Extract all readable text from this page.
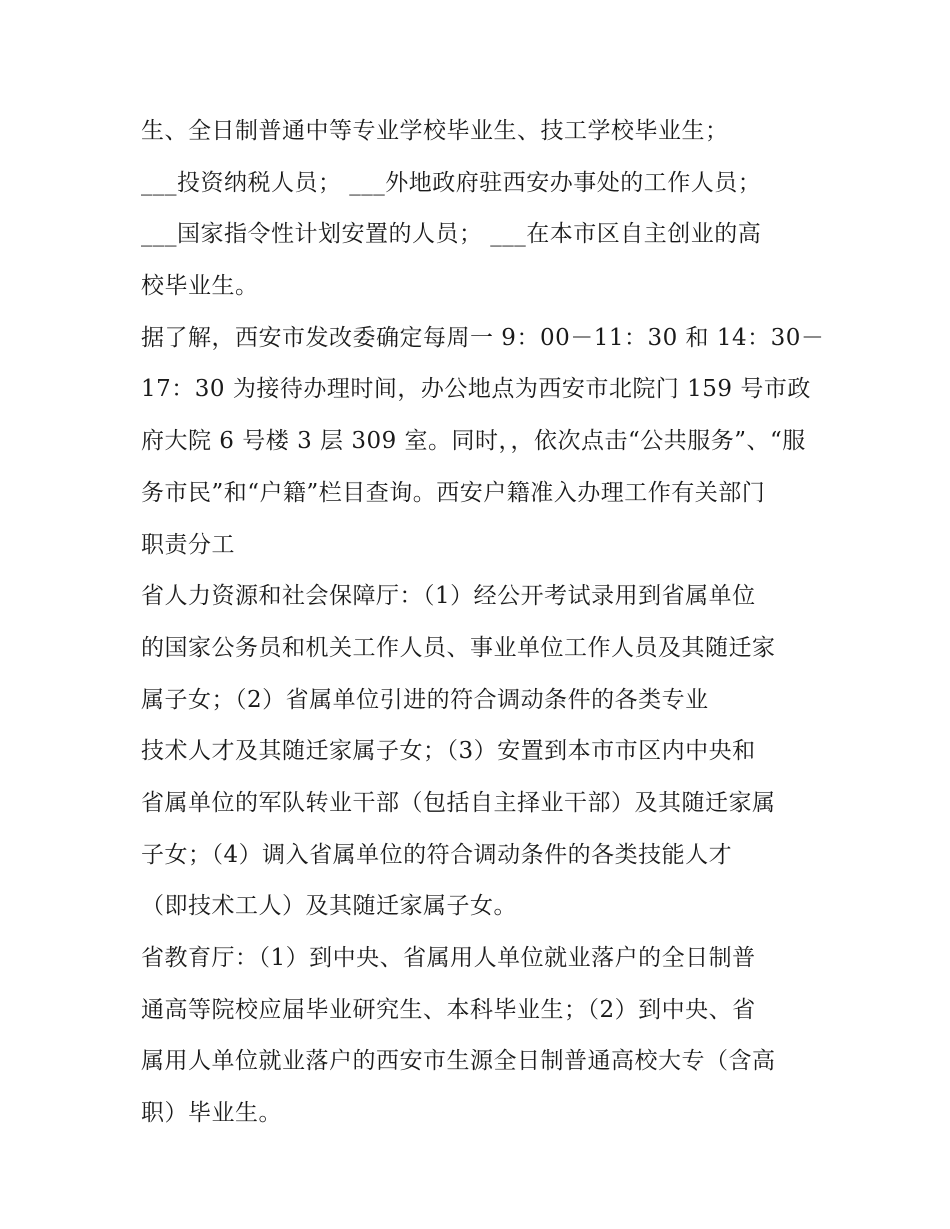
生、全日制普通中等专业学校毕业生、技工学校毕业生；
___投资纳税人员； ___外地政府驻西安办事处的工作人员；
___国家指令性计划安置的人员； ___在本市区自主创业的高
校毕业生。
据了解，西安市发改委确定每周一 9：00－11：30 和 14：30－
17：30 为接待办理时间，办公地点为西安市北院门 159 号市政
府大院 6 号楼 3 层 309 室。同时，，依次点击“公共服务”、“服
务市民”和“户籍”栏目查询。西安户籍准入办理工作有关部门
职责分工
省人力资源和社会保障厅：（1）经公开考试录用到省属单位
的国家公务员和机关工作人员、事业单位工作人员及其随迁家
属子女；（2）省属单位引进的符合调动条件的各类专业
技术人才及其随迁家属子女；（3）安置到本市市区内中央和
省属单位的军队转业干部（包括自主择业干部）及其随迁家属
子女；（4）调入省属单位的符合调动条件的各类技能人才
（即技术工人）及其随迁家属子女。
省教育厅：（1）到中央、省属用人单位就业落户的全日制普
通高等院校应届毕业研究生、本科毕业生；（2）到中央、省
属用人单位就业落户的西安市生源全日制普通高校大专（含高
职）毕业生。
